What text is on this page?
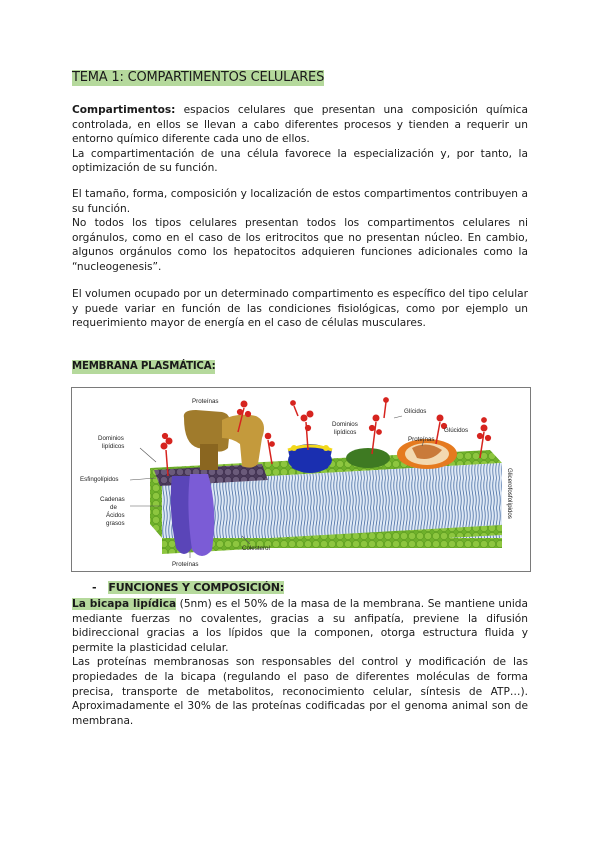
TEMA 1: COMPARTIMENTOS CELULARES

Compartimentos: espacios celulares que presentan una composición química controlada, en ellos se llevan a cabo diferentes procesos y tienden a requerir un entorno químico diferente cada uno de ellos.
La compartimentación de una célula favorece la especialización y, por tanto, la optimización de su función.

El tamaño, forma, composición y localización de estos compartimentos contribuyen a su función.
No todos los tipos celulares presentan todos los compartimentos celulares ni orgánulos, como en el caso de los eritrocitos que no presentan núcleo. En cambio, algunos orgánulos como los hepatocitos adquieren funciones adicionales como la “nucleogenesis”.

El volumen ocupado por un determinado compartimento es específico del tipo celular y puede variar en función de las condiciones fisiológicas, como por ejemplo un requerimiento mayor de energía en el caso de células musculares.

MEMBRANA PLASMÁTICA:
Proteínas
Dominios
lipídicos
Esfingolípidos
Cadenas
de
Ácidos
grasos
Proteínas
Colesterol
Dominios
lipídicos
Glícidos
Proteínas
Glúcidos
Glicerofosfolípidos
- FUNCIONES Y COMPOSICIÓN:

La bicapa lipídica (5nm) es el 50% de la masa de la membrana. Se mantiene unida mediante fuerzas no covalentes, gracias a su anfipatía, previene la difusión bidireccional gracias a los lípidos que la componen, otorga estructura fluida y permite la plasticidad celular.
Las proteínas membranosas son responsables del control y modificación de las propiedades de la bicapa (regulando el paso de diferentes moléculas de forma precisa, transporte de metabolitos, reconocimiento celular, síntesis de ATP…). Aproximadamente el 30% de las proteínas codificadas por el genoma animal son de membrana.
